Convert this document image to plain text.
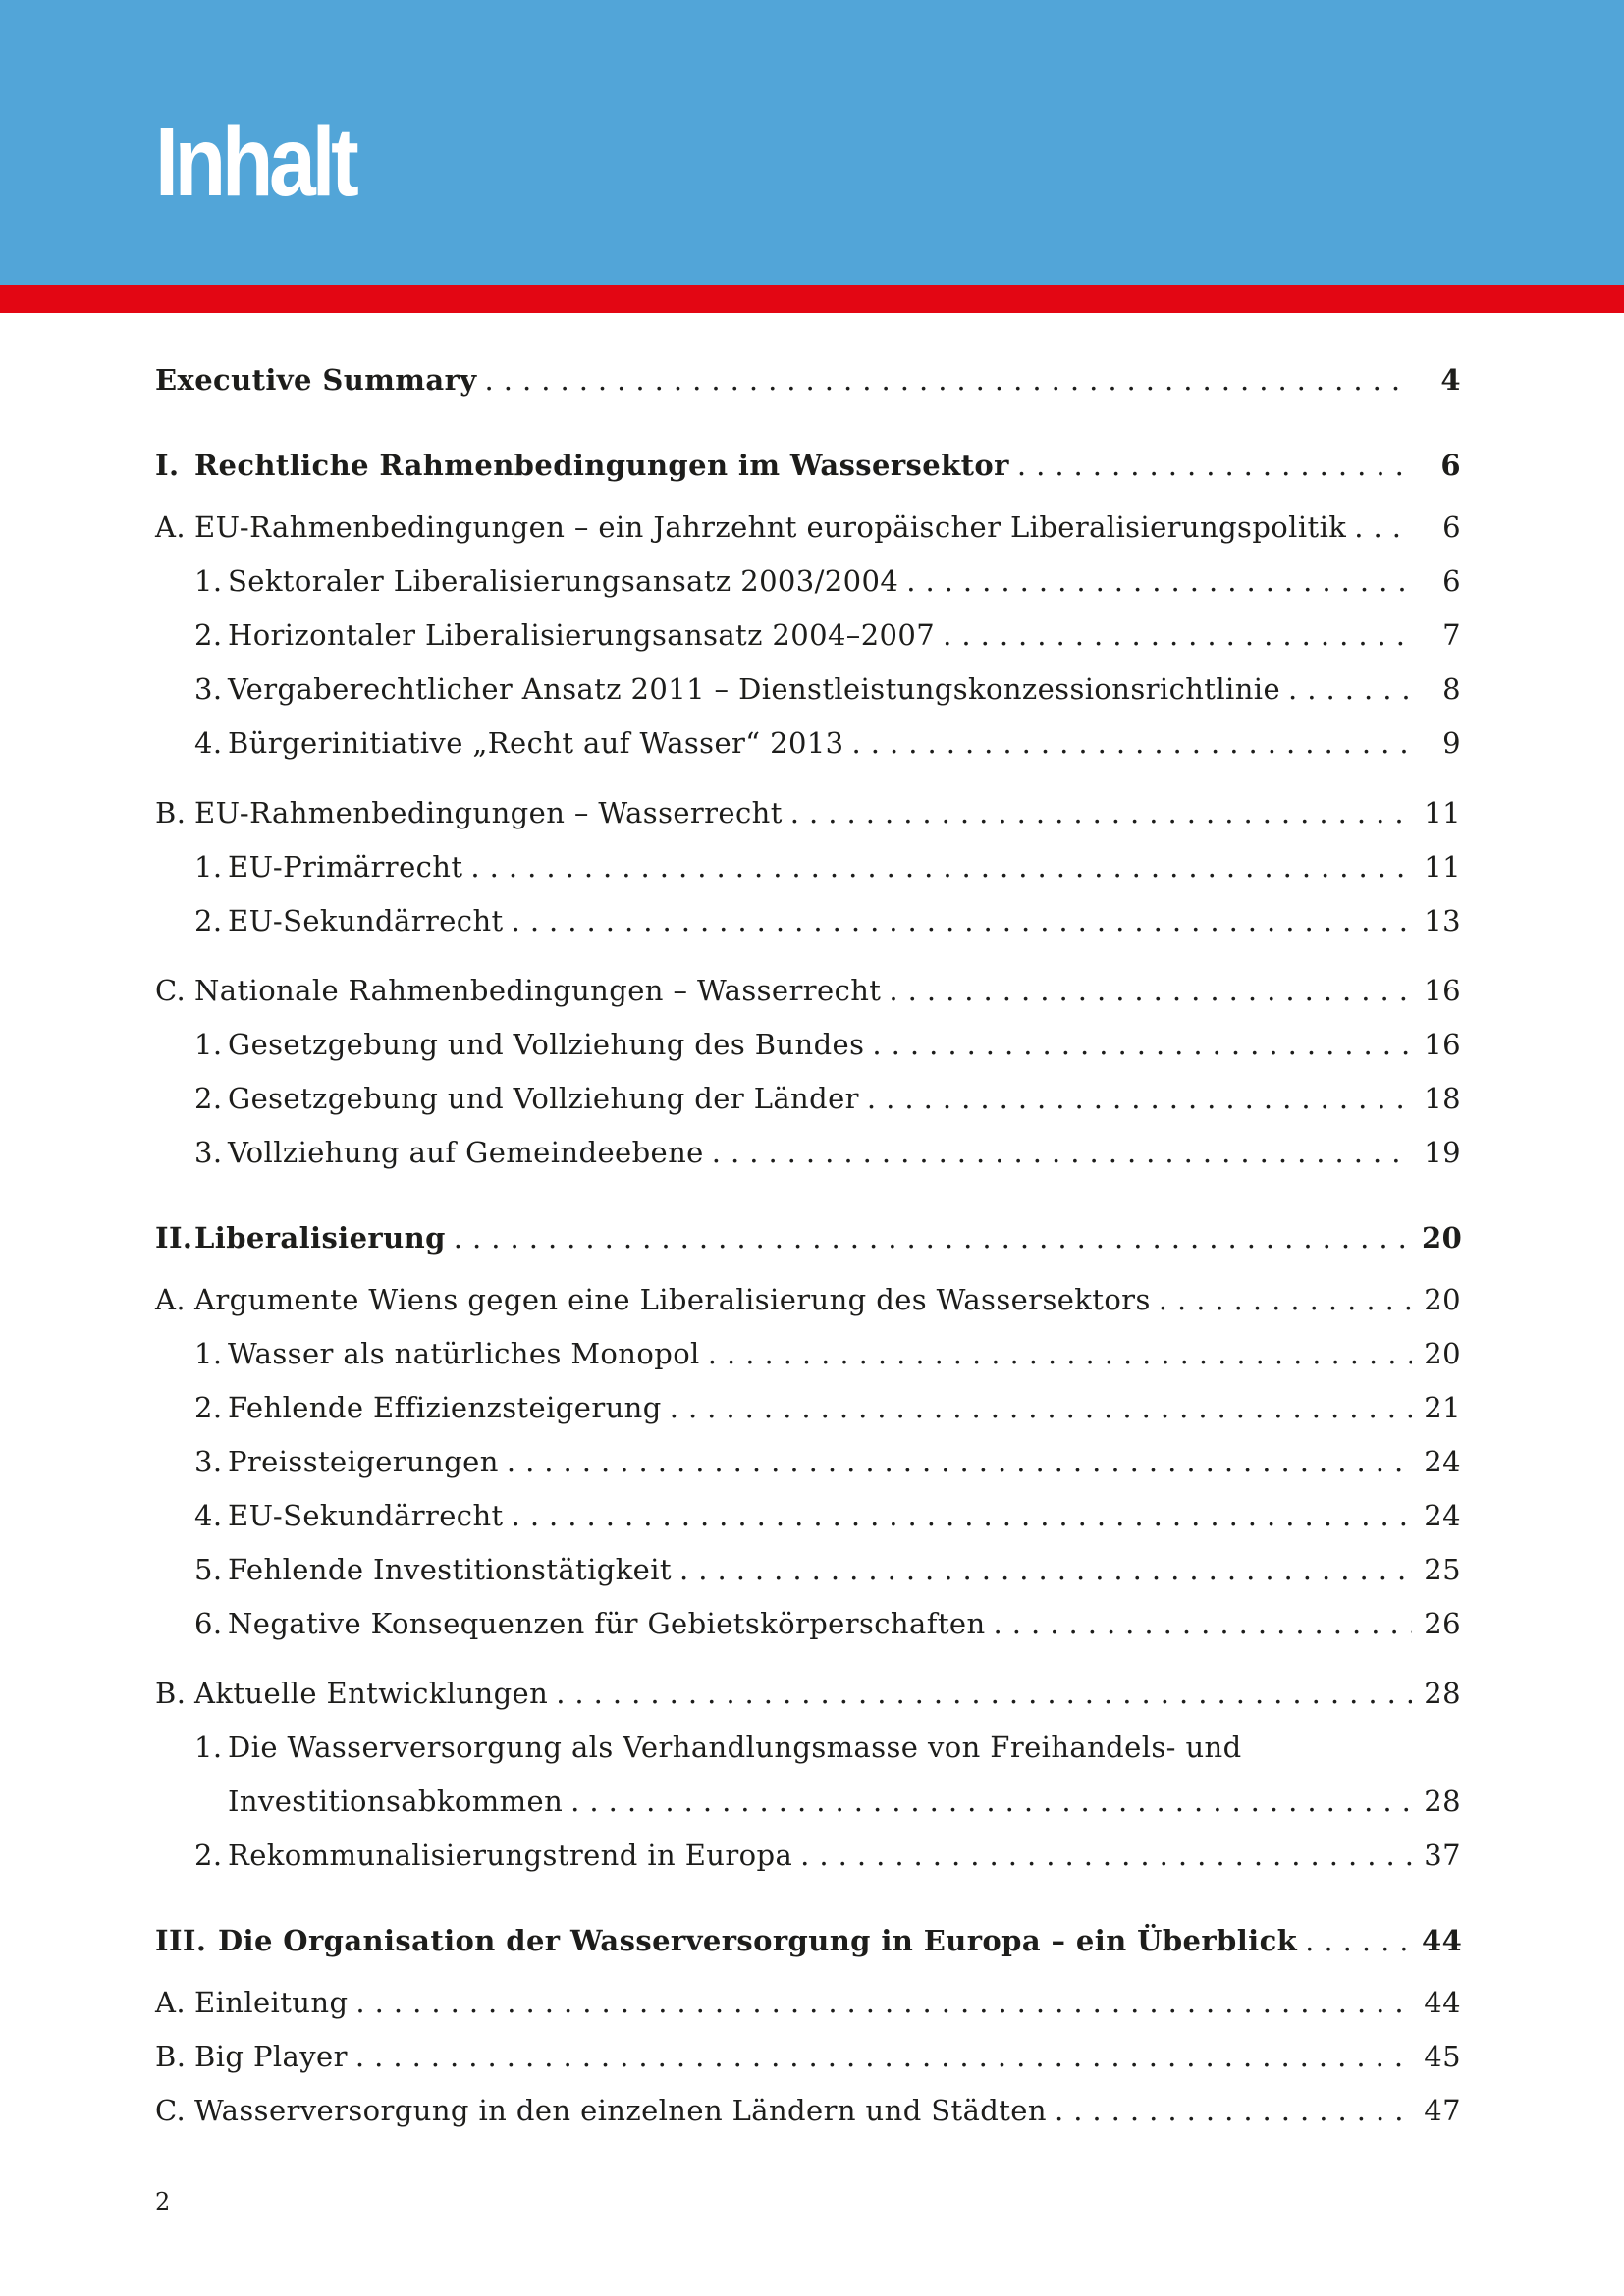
Inhalt
Executive Summary . . .	4
I. Rechtliche Rahmenbedingungen im Wassersektor . . .	6
A. EU-Rahmenbedingungen – ein Jahrzehnt europäischer Liberalisierungspolitik . . .	6
1. Sektoraler Liberalisierungsansatz 2003/2004 . . .	6
2. Horizontaler Liberalisierungsansatz 2004–2007 . . .	7
3. Vergaberechtlicher Ansatz 2011 – Dienstleistungskonzessionsrichtlinie . . .	8
4. Bürgerinitiative „Recht auf Wasser“ 2013 . . .	9
B. EU-Rahmenbedingungen – Wasserrecht . . .	11
1. EU-Primärrecht . . .	11
2. EU-Sekundärrecht . . .	13
C. Nationale Rahmenbedingungen – Wasserrecht . . .	16
1. Gesetzgebung und Vollziehung des Bundes . . .	16
2. Gesetzgebung und Vollziehung der Länder . . .	18
3. Vollziehung auf Gemeindeebene . . .	19
II. Liberalisierung . . .	20
A. Argumente Wiens gegen eine Liberalisierung des Wassersektors . . .	20
1. Wasser als natürliches Monopol . . .	20
2. Fehlende Effizienzsteigerung . . .	21
3. Preissteigerungen . . .	24
4. EU-Sekundärrecht . . .	24
5. Fehlende Investitionstätigkeit . . .	25
6. Negative Konsequenzen für Gebietskörperschaften . . .	26
B. Aktuelle Entwicklungen . . .	28
1. Die Wasserversorgung als Verhandlungsmasse von Freihandels- und
Investitionsabkommen . . .	28
2. Rekommunalisierungstrend in Europa . . .	37
III. Die Organisation der Wasserversorgung in Europa – ein Überblick . . .	44
A. Einleitung . . .	44
B. Big Player . . .	45
C. Wasserversorgung in den einzelnen Ländern und Städten . . .	47
2
